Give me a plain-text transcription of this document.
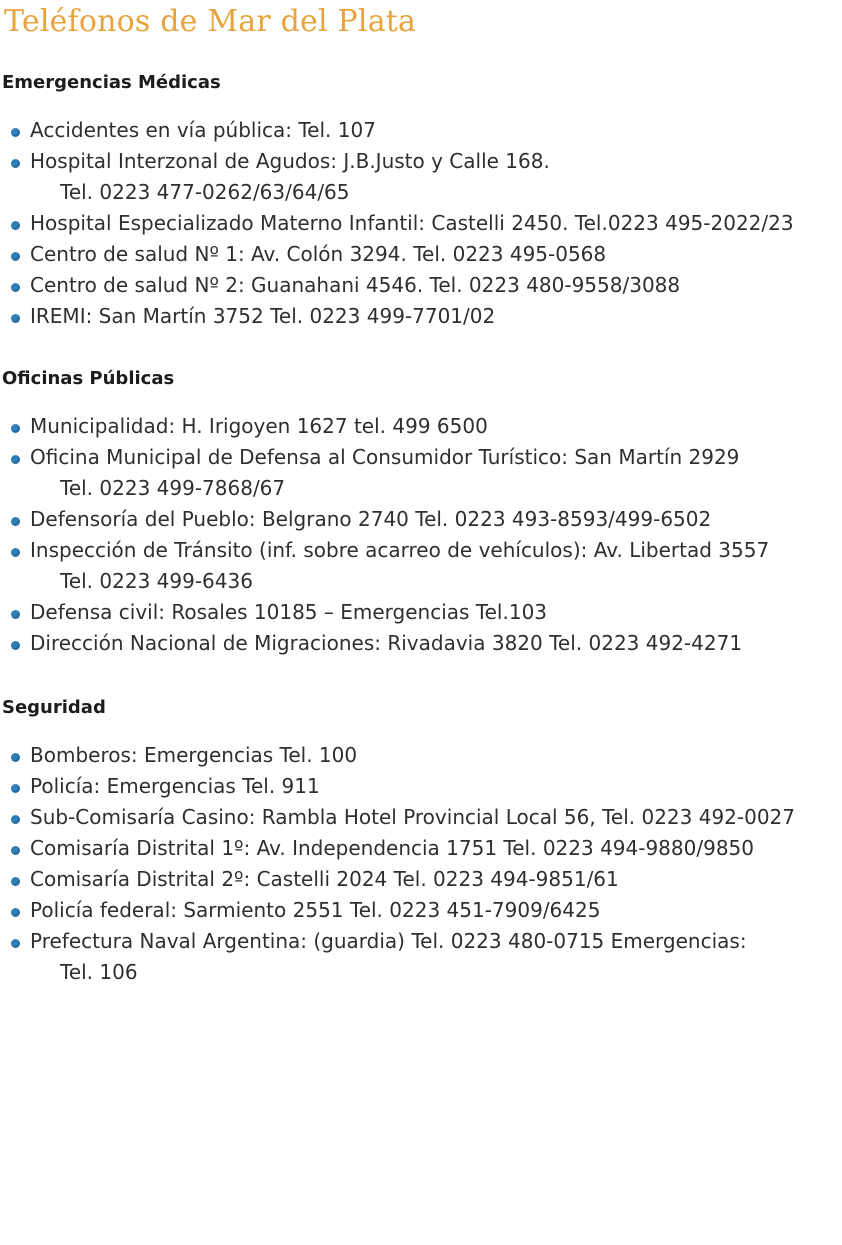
Teléfonos de Mar del Plata
Emergencias Médicas
Accidentes en vía pública: Tel. 107
Hospital Interzonal de Agudos: J.B.Justo y Calle 168.
Tel. 0223 477-0262/63/64/65
Hospital Especializado Materno Infantil: Castelli 2450. Tel.0223 495-2022/23
Centro de salud Nº 1: Av. Colón 3294. Tel. 0223 495-0568
Centro de salud Nº 2: Guanahani 4546. Tel. 0223 480-9558/3088
IREMI: San Martín 3752 Tel. 0223 499-7701/02
Oficinas Públicas
Municipalidad: H. Irigoyen 1627 tel. 499 6500
Oficina Municipal de Defensa al Consumidor Turístico: San Martín 2929
Tel. 0223 499-7868/67
Defensoría del Pueblo: Belgrano 2740 Tel. 0223 493-8593/499-6502
Inspección de Tránsito (inf. sobre acarreo de vehículos): Av. Libertad 3557
Tel. 0223 499-6436
Defensa civil: Rosales 10185 – Emergencias Tel.103
Dirección Nacional de Migraciones: Rivadavia 3820 Tel. 0223 492-4271
Seguridad
Bomberos: Emergencias Tel. 100
Policía: Emergencias Tel. 911
Sub-Comisaría Casino: Rambla Hotel Provincial Local 56, Tel. 0223 492-0027
Comisaría Distrital 1º: Av. Independencia 1751 Tel. 0223 494-9880/9850
Comisaría Distrital 2º: Castelli 2024 Tel. 0223 494-9851/61
Policía federal: Sarmiento 2551 Tel. 0223 451-7909/6425
Prefectura Naval Argentina: (guardia) Tel. 0223 480-0715 Emergencias:
Tel. 106
